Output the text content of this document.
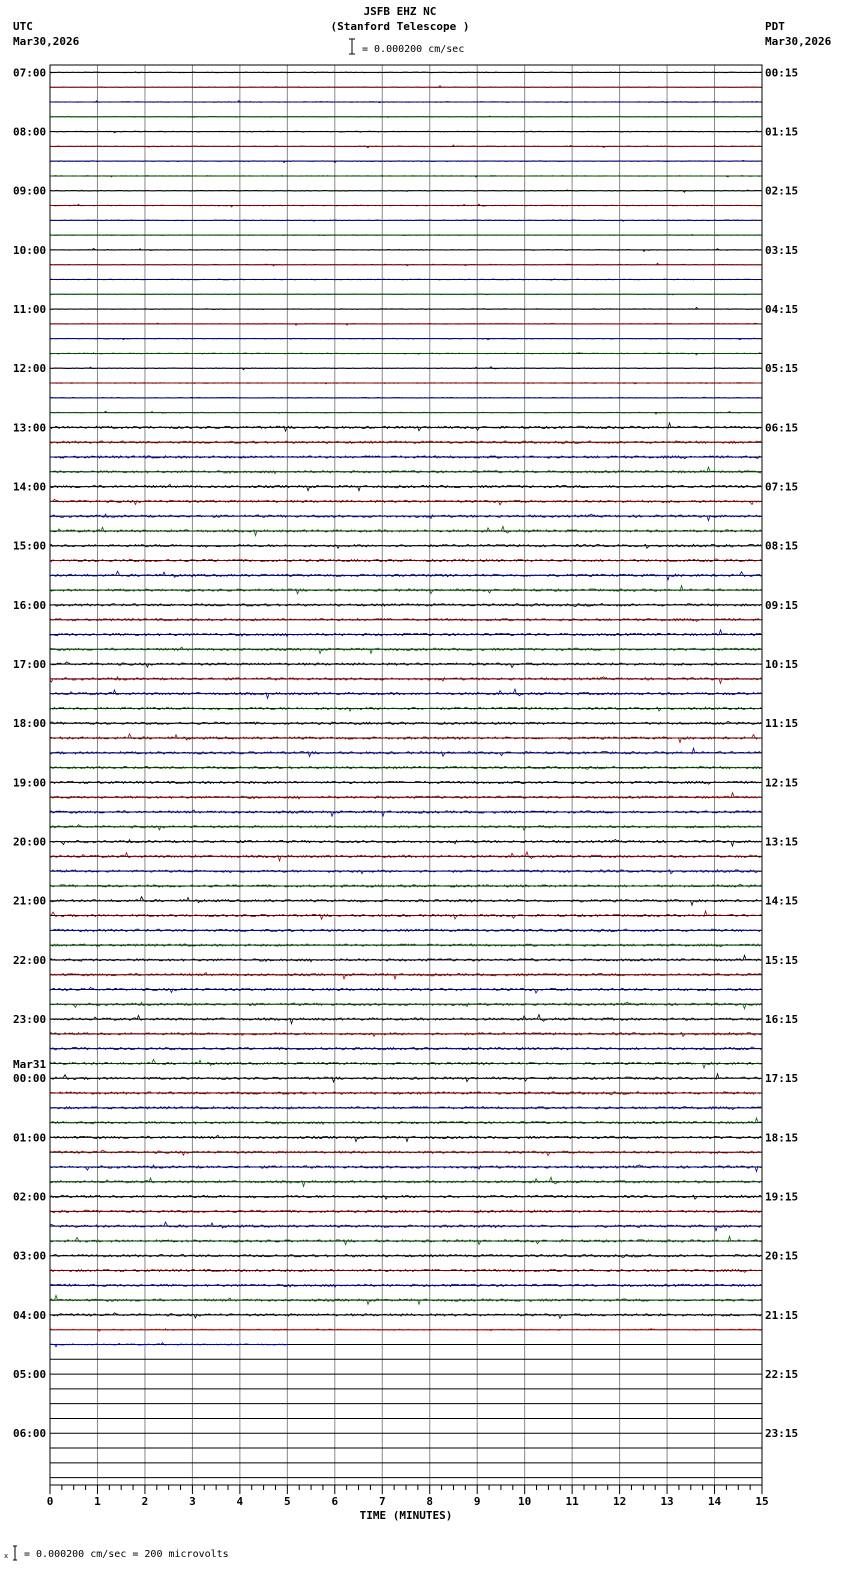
JSFB EHZ NC
(Stanford Telescope )
UTC
Mar30,2026
PDT
Mar30,2026
= 0.000200 cm/sec
07:00
08:00
09:00
10:00
11:00
12:00
13:00
14:00
15:00
16:00
17:00
18:00
19:00
20:00
21:00
22:00
23:00
00:00
01:00
02:00
03:00
04:00
05:00
06:00
00:15
01:15
02:15
03:15
04:15
05:15
06:15
07:15
08:15
09:15
10:15
11:15
12:15
13:15
14:15
15:15
16:15
17:15
18:15
19:15
20:15
21:15
22:15
23:15
Mar31
0	1	2	3	4	5	6	7	8	9	10	11	12	13	14	15
TIME (MINUTES)
= 0.000200 cm/sec = 200 microvolts
x
